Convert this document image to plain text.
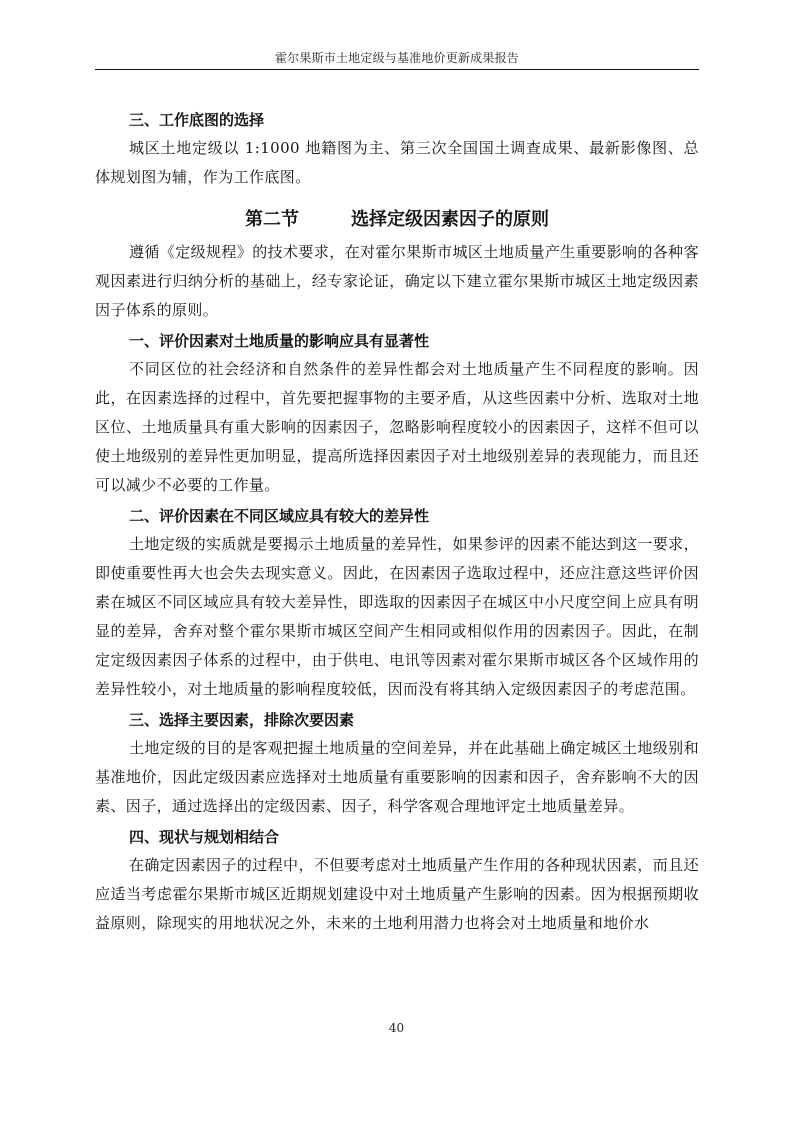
霍尔果斯市土地定级与基准地价更新成果报告
三、工作底图的选择

城区土地定级以 1:1000 地籍图为主、第三次全国国土调查成果、最新影像图、总体规划图为辅，作为工作底图。

第二节	选择定级因素因子的原则

遵循《定级规程》的技术要求，在对霍尔果斯市城区土地质量产生重要影响的各种客观因素进行归纳分析的基础上，经专家论证，确定以下建立霍尔果斯市城区土地定级因素因子体系的原则。

一、评价因素对土地质量的影响应具有显著性

不同区位的社会经济和自然条件的差异性都会对土地质量产生不同程度的影响。因此，在因素选择的过程中，首先要把握事物的主要矛盾，从这些因素中分析、选取对土地区位、土地质量具有重大影响的因素因子，忽略影响程度较小的因素因子，这样不但可以使土地级别的差异性更加明显，提高所选择因素因子对土地级别差异的表现能力，而且还可以减少不必要的工作量。

二、评价因素在不同区域应具有较大的差异性

土地定级的实质就是要揭示土地质量的差异性，如果参评的因素不能达到这一要求，即使重要性再大也会失去现实意义。因此，在因素因子选取过程中，还应注意这些评价因素在城区不同区域应具有较大差异性，即选取的因素因子在城区中小尺度空间上应具有明显的差异，舍弃对整个霍尔果斯市城区空间产生相同或相似作用的因素因子。因此，在制定定级因素因子体系的过程中，由于供电、电讯等因素对霍尔果斯市城区各个区域作用的差异性较小，对土地质量的影响程度较低，因而没有将其纳入定级因素因子的考虑范围。

三、选择主要因素，排除次要因素

土地定级的目的是客观把握土地质量的空间差异，并在此基础上确定城区土地级别和基准地价，因此定级因素应选择对土地质量有重要影响的因素和因子，舍弃影响不大的因素、因子，通过选择出的定级因素、因子，科学客观合理地评定土地质量差异。

四、现状与规划相结合

在确定因素因子的过程中，不但要考虑对土地质量产生作用的各种现状因素，而且还应适当考虑霍尔果斯市城区近期规划建设中对土地质量产生影响的因素。因为根据预期收益原则，除现实的用地状况之外，未来的土地利用潜力也将会对土地质量和地价水

40
